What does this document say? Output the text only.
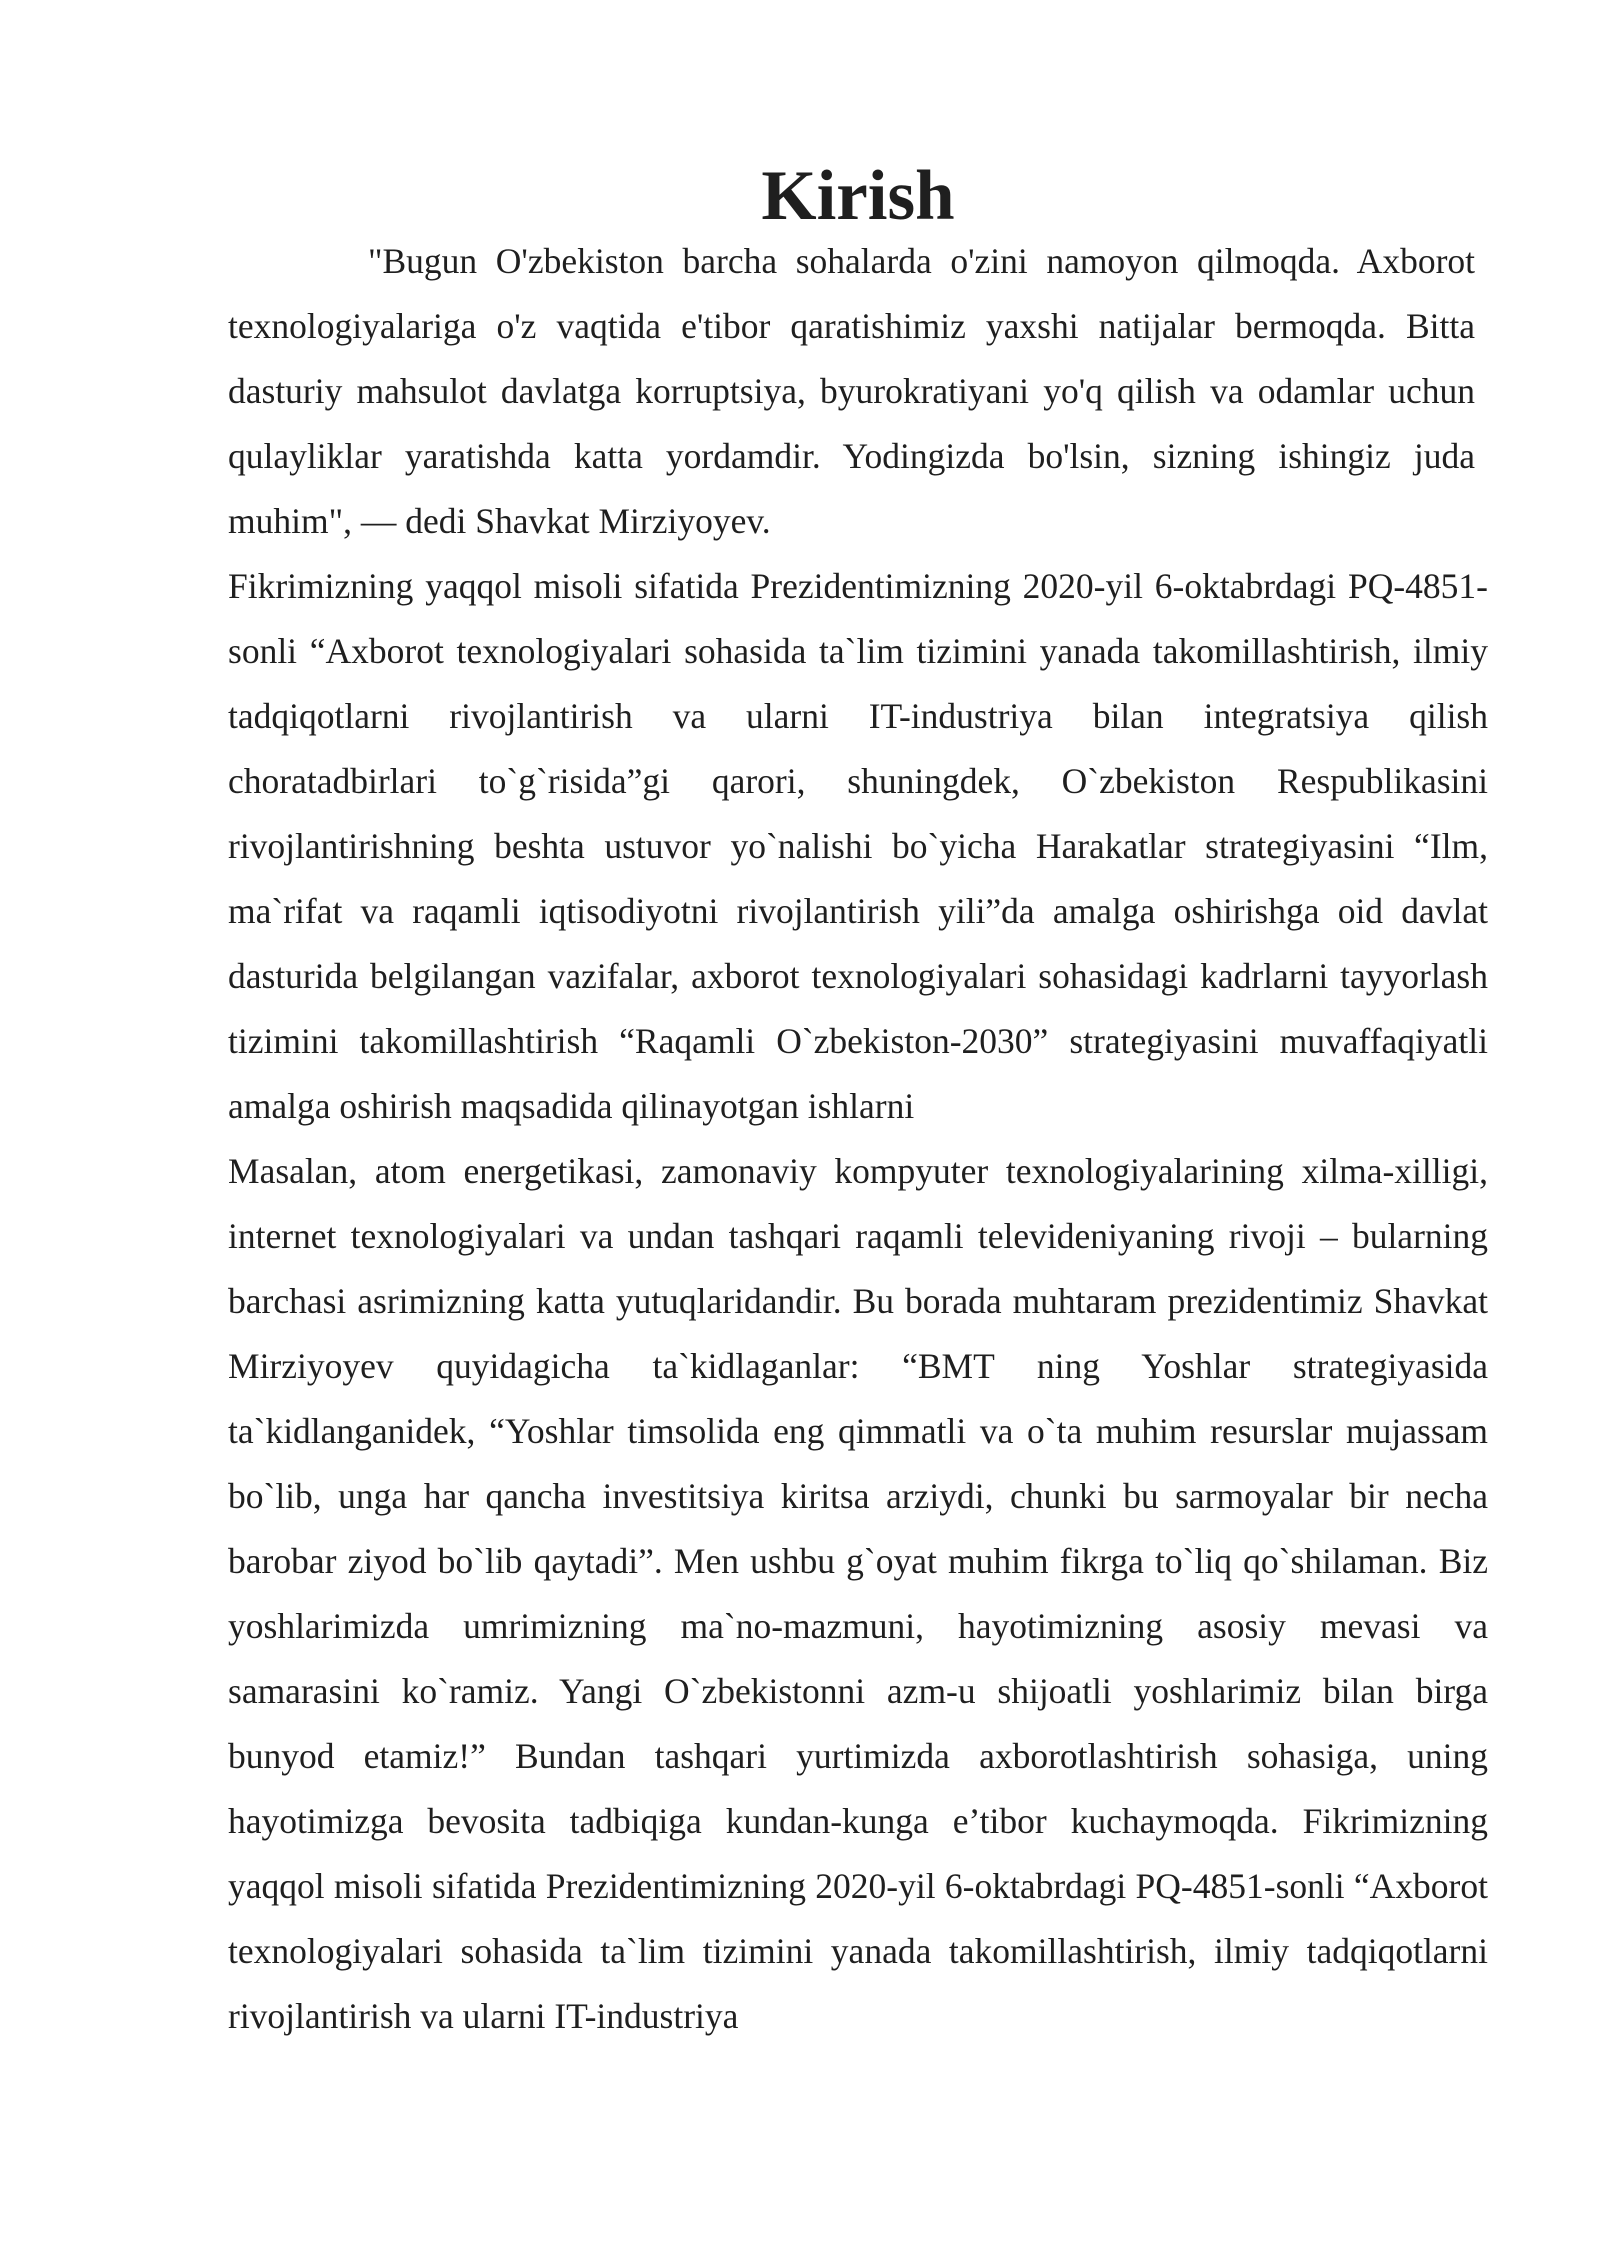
Kirish

"Bugun O'zbekiston barcha sohalarda o'zini namoyon qilmoqda. Axborot texnologiyalariga o'z vaqtida e'tibor qaratishimiz yaxshi natijalar bermoqda. Bitta dasturiy mahsulot davlatga korruptsiya, byurokratiyani yo'q qilish va odamlar uchun qulayliklar yaratishda katta yordamdir. Yodingizda bo'lsin, sizning ishingiz juda muhim", — dedi Shavkat Mirziyoyev.

Fikrimizning yaqqol misoli sifatida Prezidentimizning 2020-yil 6-oktabrdagi PQ-4851-sonli “Axborot texnologiyalari sohasida ta`lim tizimini yanada takomillashtirish, ilmiy tadqiqotlarni rivojlantirish va ularni IT-industriya bilan integratsiya qilish choratadbirlari to`g`risida”gi qarori, shuningdek, O`zbekiston Respublikasini rivojlantirishning beshta ustuvor yo`nalishi bo`yicha Harakatlar strategiyasini “Ilm, ma`rifat va raqamli iqtisodiyotni rivojlantirish yili”da amalga oshirishga oid davlat dasturida belgilangan vazifalar, axborot texnologiyalari sohasidagi kadrlarni tayyorlash tizimini takomillashtirish “Raqamli O`zbekiston-2030” strategiyasini muvaffaqiyatli amalga oshirish maqsadida qilinayotgan ishlarni

Masalan, atom energetikasi, zamonaviy kompyuter texnologiyalarining xilma-xilligi, internet texnologiyalari va undan tashqari raqamli televideniyaning rivoji – bularning barchasi asrimizning katta yutuqlaridandir. Bu borada muhtaram prezidentimiz Shavkat Mirziyoyev quyidagicha ta`kidlaganlar: “BMT ning Yoshlar strategiyasida ta`kidlanganidek, “Yoshlar timsolida eng qimmatli va o`ta muhim resurslar mujassam bo`lib, unga har qancha investitsiya kiritsa arziydi, chunki bu sarmoyalar bir necha barobar ziyod bo`lib qaytadi”. Men ushbu g`oyat muhim fikrga to`liq qo`shilaman. Biz yoshlarimizda umrimizning ma`no-mazmuni, hayotimizning asosiy mevasi va samarasini ko`ramiz. Yangi O`zbekistonni azm-u shijoatli yoshlarimiz bilan birga bunyod etamiz!” Bundan tashqari yurtimizda axborotlashtirish sohasiga, uning hayotimizga bevosita tadbiqiga kundan-kunga e’tibor kuchaymoqda. Fikrimizning yaqqol misoli sifatida Prezidentimizning 2020-yil 6-oktabrdagi PQ-4851-sonli “Axborot texnologiyalari sohasida ta`lim tizimini yanada takomillashtirish, ilmiy tadqiqotlarni rivojlantirish va ularni IT-industriya
